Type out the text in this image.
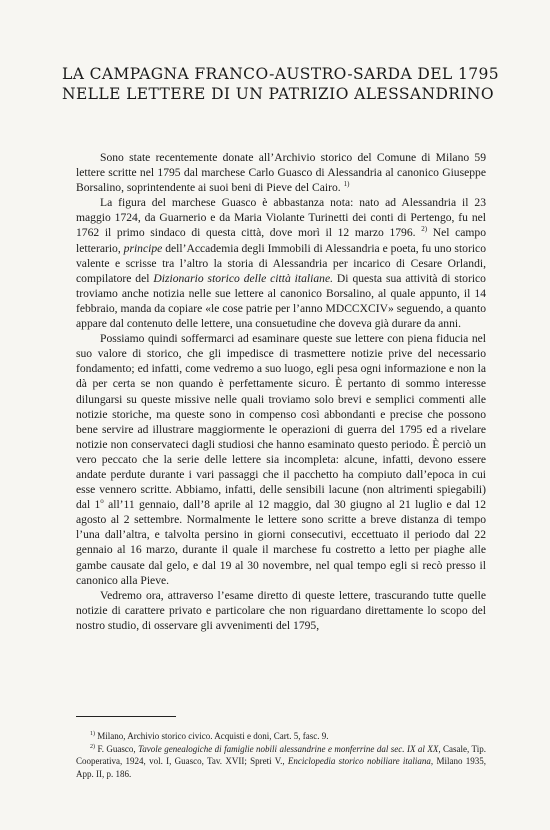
LA CAMPAGNA FRANCO-AUSTRO-SARDA DEL 1795
NELLE LETTERE DI UN PATRIZIO ALESSANDRINO

Sono state recentemente donate all’Archivio storico del Comune di Milano 59 lettere scritte nel 1795 dal marchese Carlo Guasco di Alessandria al canonico Giuseppe Borsalino, soprintendente ai suoi beni di Pieve del Cairo. $^{1)}$

La figura del marchese Guasco è abbastanza nota: nato ad Alessandria il 23 maggio 1724, da Guarnerio e da Maria Violante Turinetti dei conti di Pertengo, fu nel 1762 il primo sindaco di questa città, dove morì il 12 marzo 1796. $^{2)}$ Nel campo letterario, principe dell’Accademia degli Immobili di Alessandria e poeta, fu uno storico valente e scrisse tra l’altro la storia di Alessandria per incarico di Cesare Orlandi, compilatore del Dizionario storico delle città italiane. Di questa sua attività di storico troviamo anche notizia nelle sue lettere al canonico Borsalino, al quale appunto, il 14 febbraio, manda da copiare «le cose patrie per l’anno MDCCXCIV» seguendo, a quanto appare dal contenuto delle lettere, una consuetudine che doveva già durare da anni.

Possiamo quindi soffermarci ad esaminare queste sue lettere con piena fiducia nel suo valore di storico, che gli impedisce di trasmettere notizie prive del necessario fondamento; ed infatti, come vedremo a suo luogo, egli pesa ogni informazione e non la dà per certa se non quando è perfettamente sicuro. È pertanto di sommo interesse dilungarsi su queste missive nelle quali troviamo solo brevi e semplici commenti alle notizie storiche, ma queste sono in compenso così abbondanti e precise che possono bene servire ad illustrare maggiormente le operazioni di guerra del 1795 ed a rivelare notizie non conservateci dagli studiosi che hanno esaminato questo periodo. È perciò un vero peccato che la serie delle lettere sia incompleta: alcune, infatti, devono essere andate perdute durante i vari passaggi che il pacchetto ha compiuto dall’epoca in cui esse vennero scritte. Abbiamo, infatti, delle sensibili lacune (non altrimenti spiegabili) dal 1$^o$ all’11 gennaio, dall’8 aprile al 12 maggio, dal 30 giugno al 21 luglio e dal 12 agosto al 2 settembre. Normalmente le lettere sono scritte a breve distanza di tempo l’una dall’altra, e talvolta persino in giorni consecutivi, eccettuato il periodo dal 22 gennaio al 16 marzo, durante il quale il marchese fu costretto a letto per piaghe alle gambe causate dal gelo, e dal 19 al 30 novembre, nel qual tempo egli si recò presso il canonico alla Pieve.

Vedremo ora, attraverso l’esame diretto di queste lettere, trascurando tutte quelle notizie di carattere privato e particolare che non riguardano direttamente lo scopo del nostro studio, di osservare gli avvenimenti del 1795,

$^{1)}$ Milano, Archivio storico civico. Acquisti e doni, Cart. 5, fasc. 9.

$^{2)}$ F. Guasco, Tavole genealogiche di famiglie nobili alessandrine e monferrine dal sec. IX al XX, Casale, Tip. Cooperativa, 1924, vol. I, Guasco, Tav. XVII; Spreti V., Enciclopedia storico nobiliare italiana, Milano 1935, App. II, p. 186.
